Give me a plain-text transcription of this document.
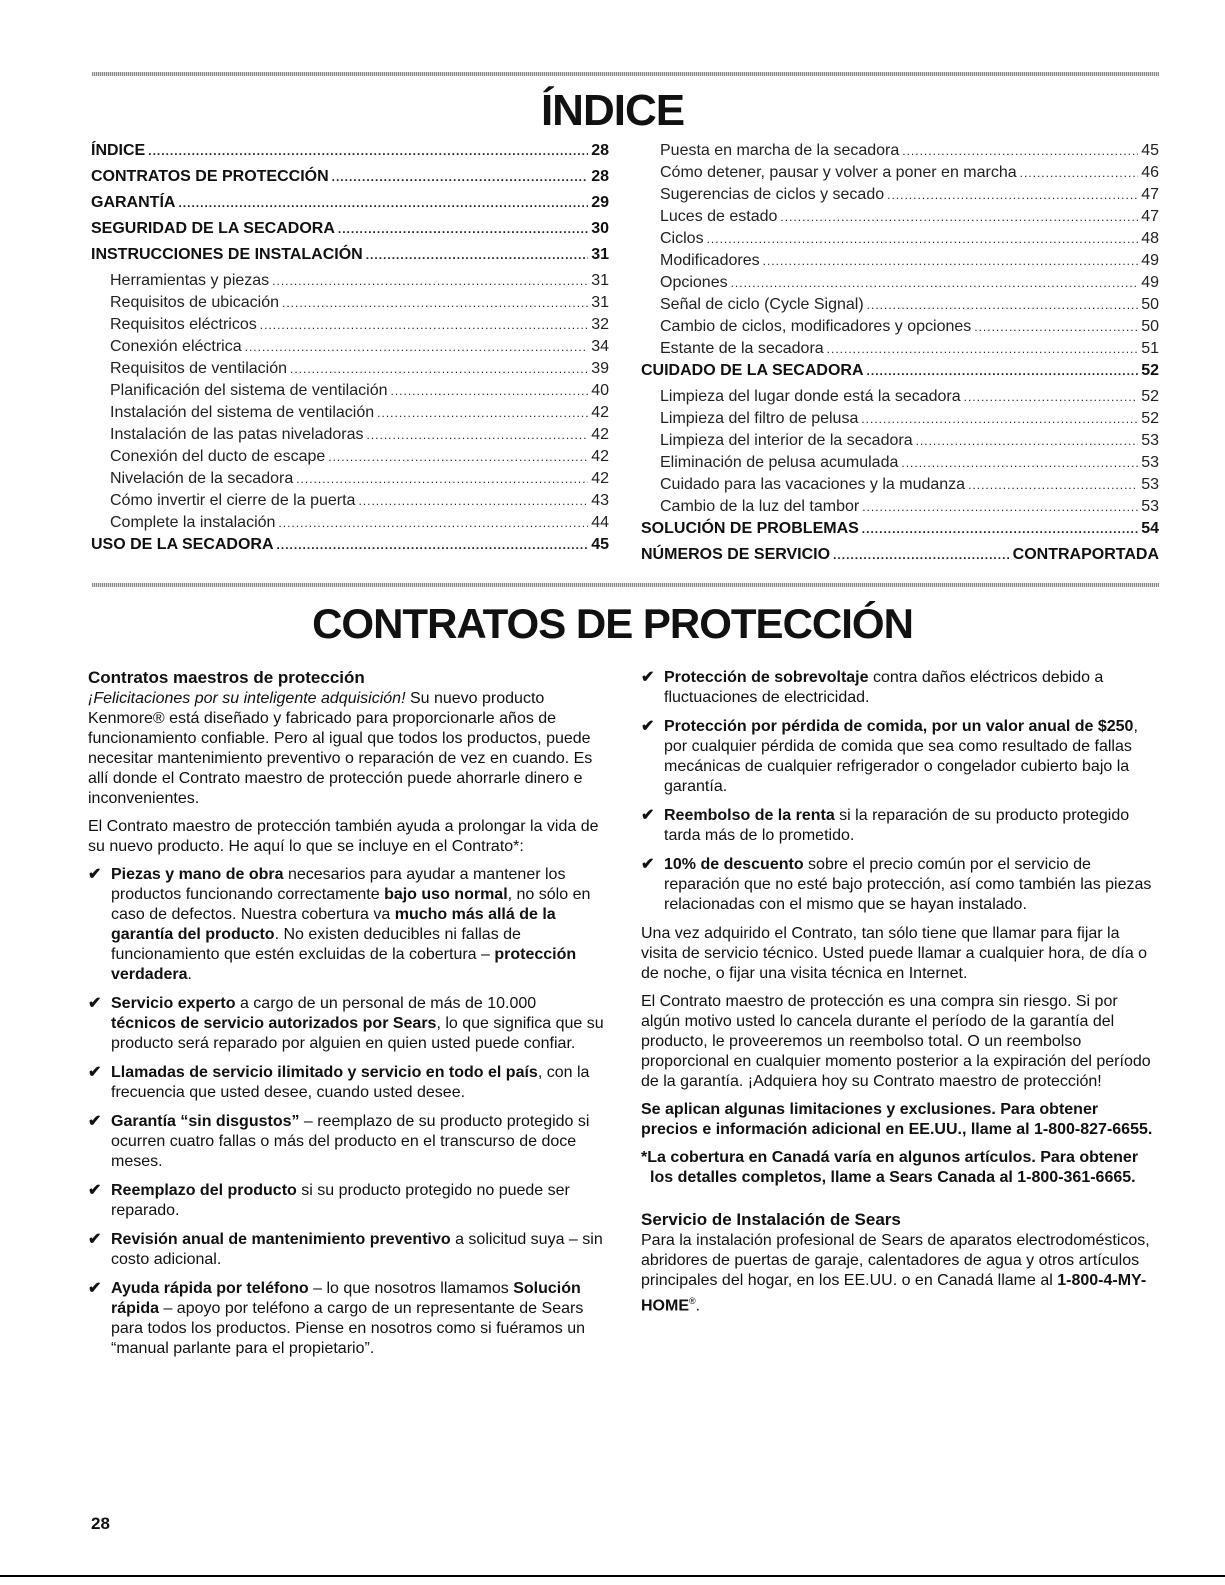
ÍNDICE
ÍNDICE .....	28
CONTRATOS DE PROTECCIÓN .....	28
GARANTÍA .....	29
SEGURIDAD DE LA SECADORA .....	30
INSTRUCCIONES DE INSTALACIÓN .....	31
Herramientas y piezas .....	31
Requisitos de ubicación .....	31
Requisitos eléctricos .....	32
Conexión eléctrica .....	34
Requisitos de ventilación .....	39
Planificación del sistema de ventilación .....	40
Instalación del sistema de ventilación .....	42
Instalación de las patas niveladoras .....	42
Conexión del ducto de escape .....	42
Nivelación de la secadora .....	42
Cómo invertir el cierre de la puerta .....	43
Complete la instalación .....	44
USO DE LA SECADORA .....	45
Puesta en marcha de la secadora .....	45
Cómo detener, pausar y volver a poner en marcha .....	46
Sugerencias de ciclos y secado .....	47
Luces de estado .....	47
Ciclos .....	48
Modificadores .....	49
Opciones .....	49
Señal de ciclo (Cycle Signal) .....	50
Cambio de ciclos, modificadores y opciones .....	50
Estante de la secadora .....	51
CUIDADO DE LA SECADORA .....	52
Limpieza del lugar donde está la secadora .....	52
Limpieza del filtro de pelusa .....	52
Limpieza del interior de la secadora .....	53
Eliminación de pelusa acumulada .....	53
Cuidado para las vacaciones y la mudanza .....	53
Cambio de la luz del tambor .....	53
SOLUCIÓN DE PROBLEMAS .....	54
NÚMEROS DE SERVICIO .....	CONTRAPORTADA
CONTRATOS DE PROTECCIÓN
Contratos maestros de protección

¡Felicitaciones por su inteligente adquisición! Su nuevo producto Kenmore® está diseñado y fabricado para proporcionarle años de funcionamiento confiable. Pero al igual que todos los productos, puede necesitar mantenimiento preventivo o reparación de vez en cuando. Es allí donde el Contrato maestro de protección puede ahorrarle dinero e inconvenientes.

El Contrato maestro de protección también ayuda a prolongar la vida de su nuevo producto. He aquí lo que se incluye en el Contrato*:

✔ Piezas y mano de obra necesarios para ayudar a mantener los productos funcionando correctamente bajo uso normal, no sólo en caso de defectos. Nuestra cobertura va mucho más allá de la garantía del producto. No existen deducibles ni fallas de funcionamiento que estén excluidas de la cobertura – protección verdadera.
✔ Servicio experto a cargo de un personal de más de 10.000 técnicos de servicio autorizados por Sears, lo que significa que su producto será reparado por alguien en quien usted puede confiar.
✔ Llamadas de servicio ilimitado y servicio en todo el país, con la frecuencia que usted desee, cuando usted desee.
✔ Garantía “sin disgustos” – reemplazo de su producto protegido si ocurren cuatro fallas o más del producto en el transcurso de doce meses.
✔ Reemplazo del producto si su producto protegido no puede ser reparado.
✔ Revisión anual de mantenimiento preventivo a solicitud suya – sin costo adicional.
✔ Ayuda rápida por teléfono – lo que nosotros llamamos Solución rápida – apoyo por teléfono a cargo de un representante de Sears para todos los productos. Piense en nosotros como si fuéramos un “manual parlante para el propietario”.
✔ Protección de sobrevoltaje contra daños eléctricos debido a fluctuaciones de electricidad.
✔ Protección por pérdida de comida, por un valor anual de $250, por cualquier pérdida de comida que sea como resultado de fallas mecánicas de cualquier refrigerador o congelador cubierto bajo la garantía.
✔ Reembolso de la renta si la reparación de su producto protegido tarda más de lo prometido.
✔ 10% de descuento sobre el precio común por el servicio de reparación que no esté bajo protección, así como también las piezas relacionadas con el mismo que se hayan instalado.

Una vez adquirido el Contrato, tan sólo tiene que llamar para fijar la visita de servicio técnico. Usted puede llamar a cualquier hora, de día o de noche, o fijar una visita técnica en Internet.

El Contrato maestro de protección es una compra sin riesgo. Si por algún motivo usted lo cancela durante el período de la garantía del producto, le proveeremos un reembolso total. O un reembolso proporcional en cualquier momento posterior a la expiración del período de la garantía. ¡Adquiera hoy su Contrato maestro de protección!

Se aplican algunas limitaciones y exclusiones. Para obtener precios e información adicional en EE.UU., llame al 1-800-827-6655.

*La cobertura en Canadá varía en algunos artículos. Para obtener los detalles completos, llame a Sears Canada al 1-800-361-6665.

Servicio de Instalación de Sears

Para la instalación profesional de Sears de aparatos electrodomésticos, abridores de puertas de garaje, calentadores de agua y otros artículos principales del hogar, en los EE.UU. o en Canadá llame al 1-800-4-MY-HOME®.

28
